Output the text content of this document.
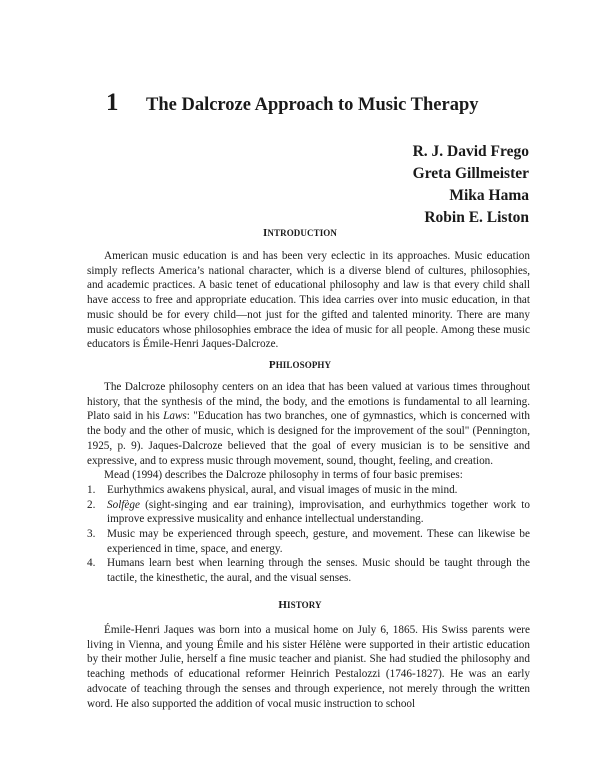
1	The Dalcroze Approach to Music Therapy
R. J. David Frego
Greta Gillmeister
Mika Hama
Robin E. Liston
INTRODUCTION

American music education is and has been very eclectic in its approaches. Music education simply reflects America’s national character, which is a diverse blend of cultures, philosophies, and academic practices. A basic tenet of educational philosophy and law is that every child shall have access to free and appropriate education. This idea carries over into music education, in that music should be for every child—not just for the gifted and talented minority. There are many music educators whose philosophies embrace the idea of music for all people. Among these music educators is Émile-Henri Jaques-Dalcroze.

PHILOSOPHY

The Dalcroze philosophy centers on an idea that has been valued at various times throughout history, that the synthesis of the mind, the body, and the emotions is fundamental to all learning. Plato said in his Laws: "Education has two branches, one of gymnastics, which is concerned with the body and the other of music, which is designed for the improvement of the soul" (Pennington, 1925, p. 9). Jaques-Dalcroze believed that the goal of every musician is to be sensitive and expressive, and to express music through movement, sound, thought, feeling, and creation.

Mead (1994) describes the Dalcroze philosophy in terms of four basic premises:

1. Eurhythmics awakens physical, aural, and visual images of music in the mind.
2. Solfège (sight-singing and ear training), improvisation, and eurhythmics together work to improve expressive musicality and enhance intellectual understanding.
3. Music may be experienced through speech, gesture, and movement. These can likewise be experienced in time, space, and energy.
4. Humans learn best when learning through the senses. Music should be taught through the tactile, the kinesthetic, the aural, and the visual senses.
HISTORY

Émile-Henri Jaques was born into a musical home on July 6, 1865. His Swiss parents were living in Vienna, and young Émile and his sister Hélène were supported in their artistic education by their mother Julie, herself a fine music teacher and pianist. She had studied the philosophy and teaching methods of educational reformer Heinrich Pestalozzi (1746-1827). He was an early advocate of teaching through the senses and through experience, not merely through the written word. He also supported the addition of vocal music instruction to school
